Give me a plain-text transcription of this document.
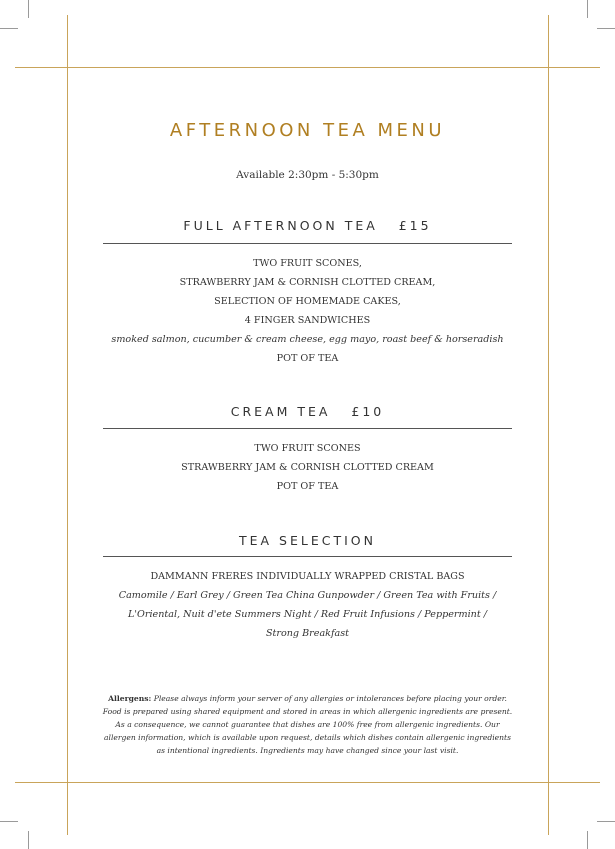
AFTERNOON TEA MENU
Available 2:30pm - 5:30pm
FULL AFTERNOON TEA £15
TWO FRUIT SCONES,
STRAWBERRY JAM & CORNISH CLOTTED CREAM,
SELECTION OF HOMEMADE CAKES,
4 FINGER SANDWICHES
smoked salmon, cucumber & cream cheese, egg mayo, roast beef & horseradish
POT OF TEA
CREAM TEA £10
TWO FRUIT SCONES
STRAWBERRY JAM & CORNISH CLOTTED CREAM
POT OF TEA
TEA SELECTION
DAMMANN FRERES INDIVIDUALLY WRAPPED CRISTAL BAGS
Camomile / Earl Grey / Green Tea China Gunpowder / Green Tea with Fruits /
L'Oriental, Nuit d'ete Summers Night / Red Fruit Infusions / Peppermint /
Strong Breakfast
Allergens: Please always inform your server of any allergies or intolerances before placing your order.
Food is prepared using shared equipment and stored in areas in which allergenic ingredients are present.
As a consequence, we cannot guarantee that dishes are 100% free from allergenic ingredients. Our
allergen information, which is available upon request, details which dishes contain allergenic ingredients
as intentional ingredients. Ingredients may have changed since your last visit.
